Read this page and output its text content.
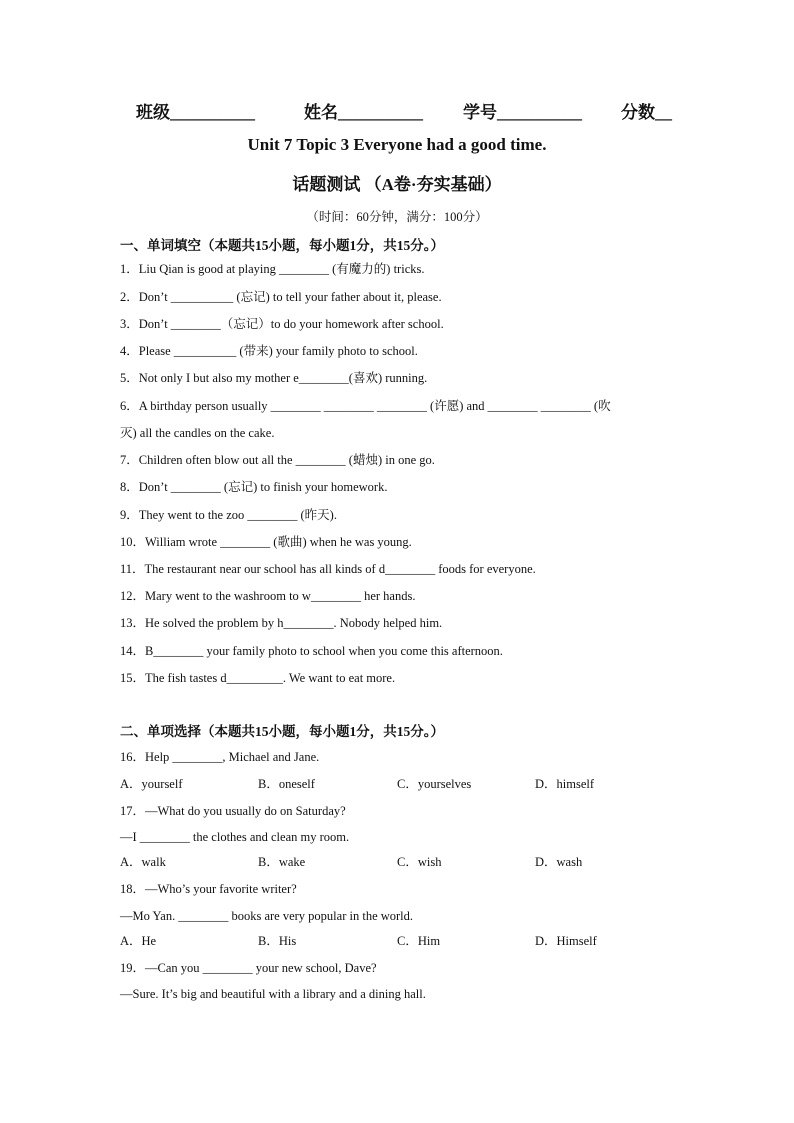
班级__________	姓名__________ 学号__________ 分数__
Unit 7 Topic 3 Everyone had a good time.
话题测试 （A卷·夯实基础）
（时间：60分钟，满分：100分）
一、单词填空（本题共15小题，每小题1分，共15分。）
1．Liu Qian is good at playing ________ (有魔力的) tricks.
2．Don’t __________ (忘记) to tell your father about it, please.
3．Don’t ________（忘记）to do your homework after school.
4．Please __________ (带来) your family photo to school.
5．Not only I but also my mother e________(喜欢) running.
6．A birthday person usually ________ ________ ________ (许愿) and ________ ________ (吹
灭) all the candles on the cake.
7．Children often blow out all the ________ (蜡烛) in one go.
8．Don’t ________ (忘记) to finish your homework.
9．They went to the zoo ________ (昨天).
10．William wrote ________ (歌曲) when he was young.
11．The restaurant near our school has all kinds of d________ foods for everyone.
12．Mary went to the washroom to w________ her hands.
13．He solved the problem by h________. Nobody helped him.
14．B________ your family photo to school when you come this afternoon.
15．The fish tastes d_________. We want to eat more.
二、单项选择（本题共15小题，每小题1分，共15分。）
16．Help ________, Michael and Jane.
A．yourself	B．oneself	C．yourselves	D．himself
17．—What do you usually do on Saturday?
—I ________ the clothes and clean my room.
A．walk	B．wake	C．wish	D．wash
18．—Who’s your favorite writer?
—Mo Yan. ________ books are very popular in the world.
A．He	B．His	C．Him	D．Himself
19．—Can you ________ your new school, Dave?
—Sure. It’s big and beautiful with a library and a dining hall.
